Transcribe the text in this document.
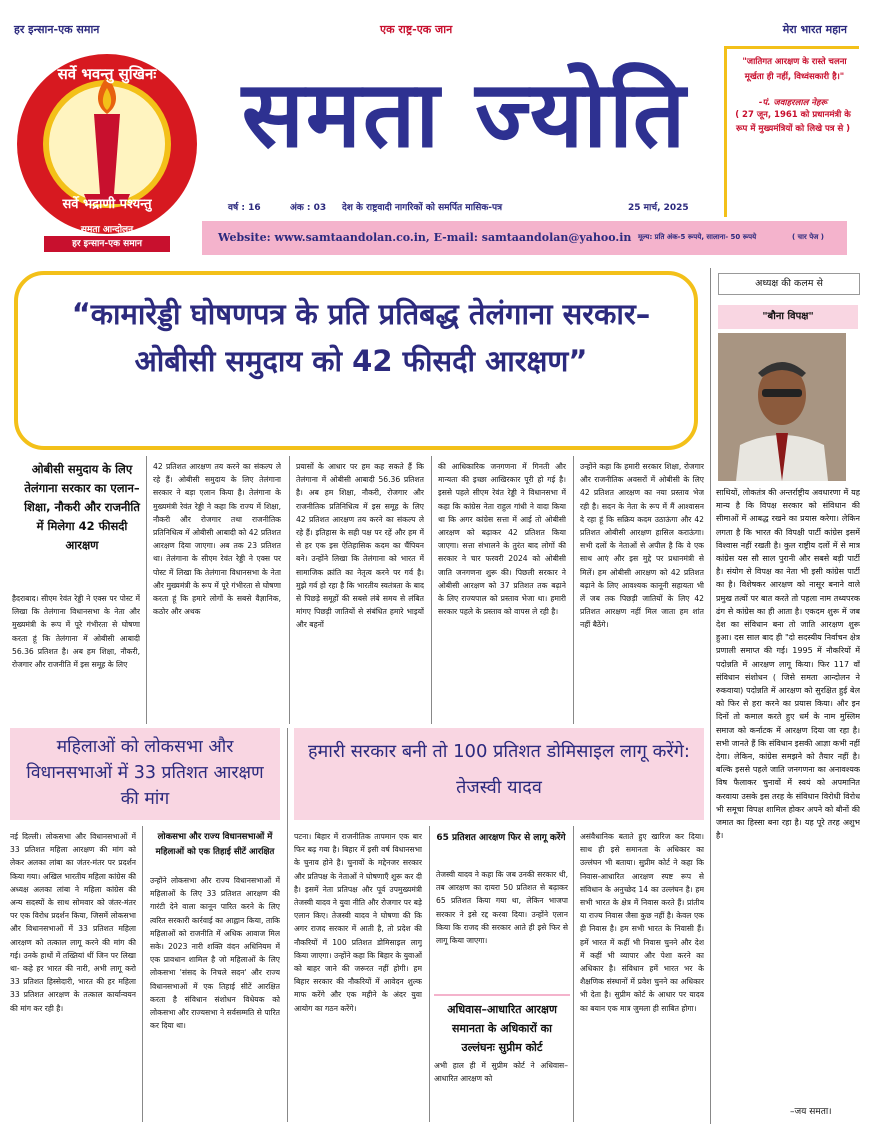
हर इन्सान-एक समान	एक राष्ट्र-एक जान	मेरा भारत महान
सर्वे भवन्तु सुखिनः
सर्वे भद्राणी पश्यन्तु
समता आन्दोलन
हर इन्सान-एक समान
समता ज्योति	"जातिगत आरक्षण के रास्ते चलना मूर्खता ही नहीं, विध्वंसकारी है।"
-पं. जवाहरलाल नेहरू
( 27 जून, 1961 को प्रधानमंत्री के रूप में मुख्यमंत्रियों को लिखे पत्र से )
वर्ष : 16	अंक : 03 देश के राष्ट्रवादी नागरिकों को समर्पित मासिक-पत्र	25 मार्च, 2025
Website: www.samtaandolan.co.in, E-mail: samtaandolan@yahoo.in मूल्य: प्रति अंक-5 रूपये, सालाना- 50 रूपये	( चार पेज )
“कामारेड्डी घोषणपत्र के प्रति प्रतिबद्ध तेलंगाना सरकार– ओबीसी समुदाय को 42 फीसदी आरक्षण”
ओबीसी समुदाय के लिए तेलंगाना सरकार का एलान– शिक्षा, नौकरी और राजनीति में मिलेगा 42 फीसदी आरक्षण
हैदराबाद। सीएम रेवंत रेड्डी ने एक्स पर पोस्ट में लिखा कि तेलंगाना विधानसभा के नेता और मुख्यमंत्री के रूप में पूरे गंभीरता से घोषणा करता हूं कि तेलंगाना में ओबीसी आबादी 56.36 प्रतिशत है। अब हम शिक्षा, नौकरी, रोजगार और राजनीति में इस समूह के लिए
42 प्रतिशत आरक्षण तय करने का संकल्प ले रहे हैं। ओबीसी समुदाय के लिए तेलंगाना सरकार ने बड़ा एलान किया है। तेलंगाना के मुख्यमंत्री रेवंत रेड्डी ने कहा कि राज्य में शिक्षा, नौकरी और रोजगार तथा राजनीतिक प्रतिनिधित्व में ओबीसी आबादी को 42 प्रतिशत आरक्षण दिया जाएगा। अब तक 23 प्रतिशत था। तेलंगाना के सीएम रेवंत रेड्डी ने एक्स पर पोस्ट में लिखा कि तेलंगाना विधानसभा के नेता और मुख्यमंत्री के रूप में पूरे गंभीरता से घोषणा करता हूं कि हमारे लोगों के सबसे वैज्ञानिक, कठोर और अथक
प्रयासों के आधार पर हम कह सकते हैं कि तेलंगाना में ओबीसी आबादी 56.36 प्रतिशत है। अब हम शिक्षा, नौकरी, रोजगार और राजनीतिक प्रतिनिधित्व में इस समूह के लिए 42 प्रतिशत आरक्षण तय करने का संकल्प ले रहे हैं। इतिहास के सही पक्ष पर रहें और हम में से हर एक इस ऐतिहासिक कदम का चैंपियन बने। उन्होंने लिखा कि तेलंगाना को भारत में सामाजिक क्रांति का नेतृत्व करने पर गर्व है। मुझे गर्व हो रहा है कि भारतीय स्वतंत्रता के बाद से पिछड़े समूहों की सबसे लंबे समय से लंबित मांगए पिछड़ी जातियों से संबंधित हमारे भाइयों और बहनों
की आधिकारिक जनगणना में गिनती और मान्यता की इच्छा आखिरकार पूरी हो गई है। इससे पहले सीएम रेवंत रेड्डी ने विधानसभा में कहा कि कांग्रेस नेता राहुल गांधी ने वादा किया था कि अगर कांग्रेस सत्ता में आई तो ओबीसी आरक्षण को बढ़ाकर 42 प्रतिशत किया जाएगा। सत्ता संभालने के तुरंत बाद लोगों की सरकार ने चार फरवरी 2024 को ओबीसी जाति जनगणना शुरू की। पिछली सरकार ने ओबीसी आरक्षण को 37 प्रतिशत तक बढ़ाने के लिए राज्यपाल को प्रस्ताव भेजा था। हमारी सरकार पहले के प्रस्ताव को वापस ले रही है।
उन्होंने कहा कि हमारी सरकार शिक्षा, रोजगार और राजनीतिक अवसरों में ओबीसी के लिए 42 प्रतिशत आरक्षण का नया प्रस्ताव भेज रही है। सदन के नेता के रूप में मैं आश्वासन दे रहा हूं कि सक्रिय कदम उठाऊंगा और 42 प्रतिशत ओबीसी आरक्षण हासिल कराऊंगा। सभी दलों के नेताओं से अपील है कि वे एक साथ आएं और इस मुद्दे पर प्रधानमंत्री से मिलें। हम ओबीसी आरक्षण को 42 प्रतिशत बढ़ाने के लिए आवश्यक कानूनी सहायता भी लें जब तक पिछड़ी जातियों के लिए 42 प्रतिशत आरक्षण नहीं मिल जाता हम शांत नहीं बैठेंगे।
अध्यक्ष की कलम से
"बौना विपक्ष"
साथियों, लोकतंत्र की अन्तर्राष्ट्रीय अवधारणा में यह मान्य है कि विपक्ष सरकार को संविधान की सीमाओं में आबद्ध रखने का प्रयास करेगा। लेकिन लगता है कि भारत की विपक्षी पार्टी कांग्रेस इसमें विश्वास नहीं रखती है। कुल राष्ट्रीय दलों में से मात्र कांग्रेस यस सौ साल पुरानी और सबसे बड़ी पार्टी है। संयोग से विपक्ष का नेता भी इसी कांग्रेस पार्टी का है। विशेषकर आरक्षण को नासूर बनाने वाले प्रमुख तत्वों पर बात करते तो पहला नाम तथ्यपरक ढंग से कांग्रेस का ही आता है। एकदम शुरू में जब देश का संविधान बना तो जाति आरक्षण शुरू हुआ। दस साल बाद ही "दो सदस्यीय निर्वाचन क्षेत्र प्रणाली समाप्त की गई। 1995 में नौकरियों में पदोन्नति में आरक्षण लागू किया। फिर 117 वाँ संविधान संशोधन ( जिसे समता आन्दोलन ने रुकवाया) पदोन्नति में आरक्षण को सुरक्षित हुई बेल को फिर से हरा करने का प्रयास किया। और इन दिनों तो कमाल करते हुए धर्म के नाम मुस्लिम समाज को कर्नाटक में आरक्षण दिया जा रहा है। सभी जानते हैं कि संविधान इसकी आज्ञा कभी नहीं देगा। लेकिन, कांग्रेस समझने को तैयार नहीं है। बल्कि इससे पहले जाति जनगणना का अनावश्यक विष फैलाकर चुनावों में स्वयं को अपमानित करवाया उसके इस तरह के संविधान विरोधी विरोध भी समूचा विपक्ष शामिल होकर अपने को बौनों की जमात का हिस्सा बना रहा है। यह पूरे तरह अशुभ है।
–जय समता।
महिलाओं को लोकसभा और विधानसभाओं में 33 प्रतिशत आरक्षण की मांग
नई दिल्ली। लोकसभा और विधानसभाओं में 33 प्रतिशत महिला आरक्षण की मांग को लेकर अलका लांबा का जंतर-मंतर पर प्रदर्शन किया गया। अखिल भारतीय महिला कांग्रेस की अध्यक्ष अलका लांबा ने महिला कांग्रेस की अन्य सदस्यों के साथ सोमवार को जंतर-मंतर पर एक विरोध प्रदर्शन किया, जिसमें लोकसभा और विधानसभाओं में 33 प्रतिशत महिला आरक्षण को तत्काल लागू करने की मांग की गई। उनके हाथों में तख्तियां थीं जिन पर लिखा था- कहे हर भारत की नारी, अभी लागू करो 33 प्रतिशत हिस्सेदारी, भारत की हर महिला 33 प्रतिशत आरक्षण के तत्काल कार्यान्वयन की मांग कर रही है।
लोकसभा और राज्य विधानसभाओं में महिलाओं को एक तिहाई सीटें आरक्षित
उन्होंने लोकसभा और राज्य विधानसभाओं में महिलाओं के लिए 33 प्रतिशत आरक्षण की गारंटी देने वाला कानून पारित करने के लिए त्वरित सरकारी कार्रवाई का आह्वान किया, ताकि महिलाओं को राजनीति में अधिक आवाज मिल सके। 2023 नारी शक्ति वंदन अधिनियम में एक प्रावधान शामिल है जो महिलाओं के लिए लोकसभा 'संसद के निचले सदन' और राज्य विधानसभाओं में एक तिहाई सीटें आरक्षित करता है संविधान संशोधन विधेयक को लोकसभा और राज्यसभा ने सर्वसम्मति से पारित कर दिया था।
हमारी सरकार बनी तो 100 प्रतिशत डोमिसाइल लागू करेंगे: तेजस्वी यादव
पटना। बिहार में राजनीतिक तापमान एक बार फिर बढ़ गया है। बिहार में इसी वर्ष विधानसभा के चुनाव होने है। चुनावों के मद्देनजर सरकार और प्रतिपक्ष के नेताओं ने घोषणाएँ शुरू कर दी है। इसमें नेता प्रतिपक्ष और पूर्व उपमुख्यमंत्री तेजस्वी यादव ने युवा नीति और रोजगार पर बड़े एलान किए। तेजस्वी यादव ने घोषणा की कि अगर राजद सरकार में आती है, तो प्रदेश की नौकरियों में 100 प्रतिशत डोमिसाइल लागू किया जाएगा। उन्होंने कहा कि बिहार के युवाओं को बाहर जाने की जरूरत नहीं होगी। हम बिहार सरकार की नौकरियों में आवेदन शुल्क माफ करेंगे और एक महीने के अंदर युवा आयोग का गठन करेंगे।
65 प्रतिशत आरक्षण फिर से लागू करेंगे
तेजस्वी यादव ने कहा कि जब उनकी सरकार थी, तब आरक्षण का दायरा 50 प्रतिशत से बढ़ाकर 65 प्रतिशत किया गया था, लेकिन भाजपा सरकार ने इसे रद्द करवा दिया। उन्होंने एलान किया कि राजद की सरकार आते ही इसे फिर से लागू किया जाएगा।
असंवैधानिक बताते हुए खारिज कर दिया। साथ ही इसे समानता के अधिकार का उल्लंघन भी बताया। सुप्रीम कोर्ट ने कहा कि निवास-आधारित आरक्षण स्पष्ट रूप से संविधान के अनुच्छेद 14 का उल्लंघन है। हम सभी भारत के क्षेत्र में निवास करते हैं। प्रांतीय या राज्य निवास जैसा कुछ नहीं है। केवल एक ही निवास है। हम सभी भारत के निवासी हैं। हमें भारत में कहीं भी निवास चुनने और देश में कहीं भी व्यापार और पेशा करने का अधिकार है। संविधान हमें भारत भर के शैक्षणिक संस्थानों में प्रवेश चुनने का अधिकार भी देता है। सुप्रीम कोर्ट के आधार पर यादव का बयान एक मात्र जुमला ही साबित होगा।
अधिवास–आधारित आरक्षण समानता के अधिकारों का उल्लंघनः सुप्रीम कोर्ट
अभी हाल ही में सुप्रीम कोर्ट ने अधिवास–आधारित आरक्षण को
